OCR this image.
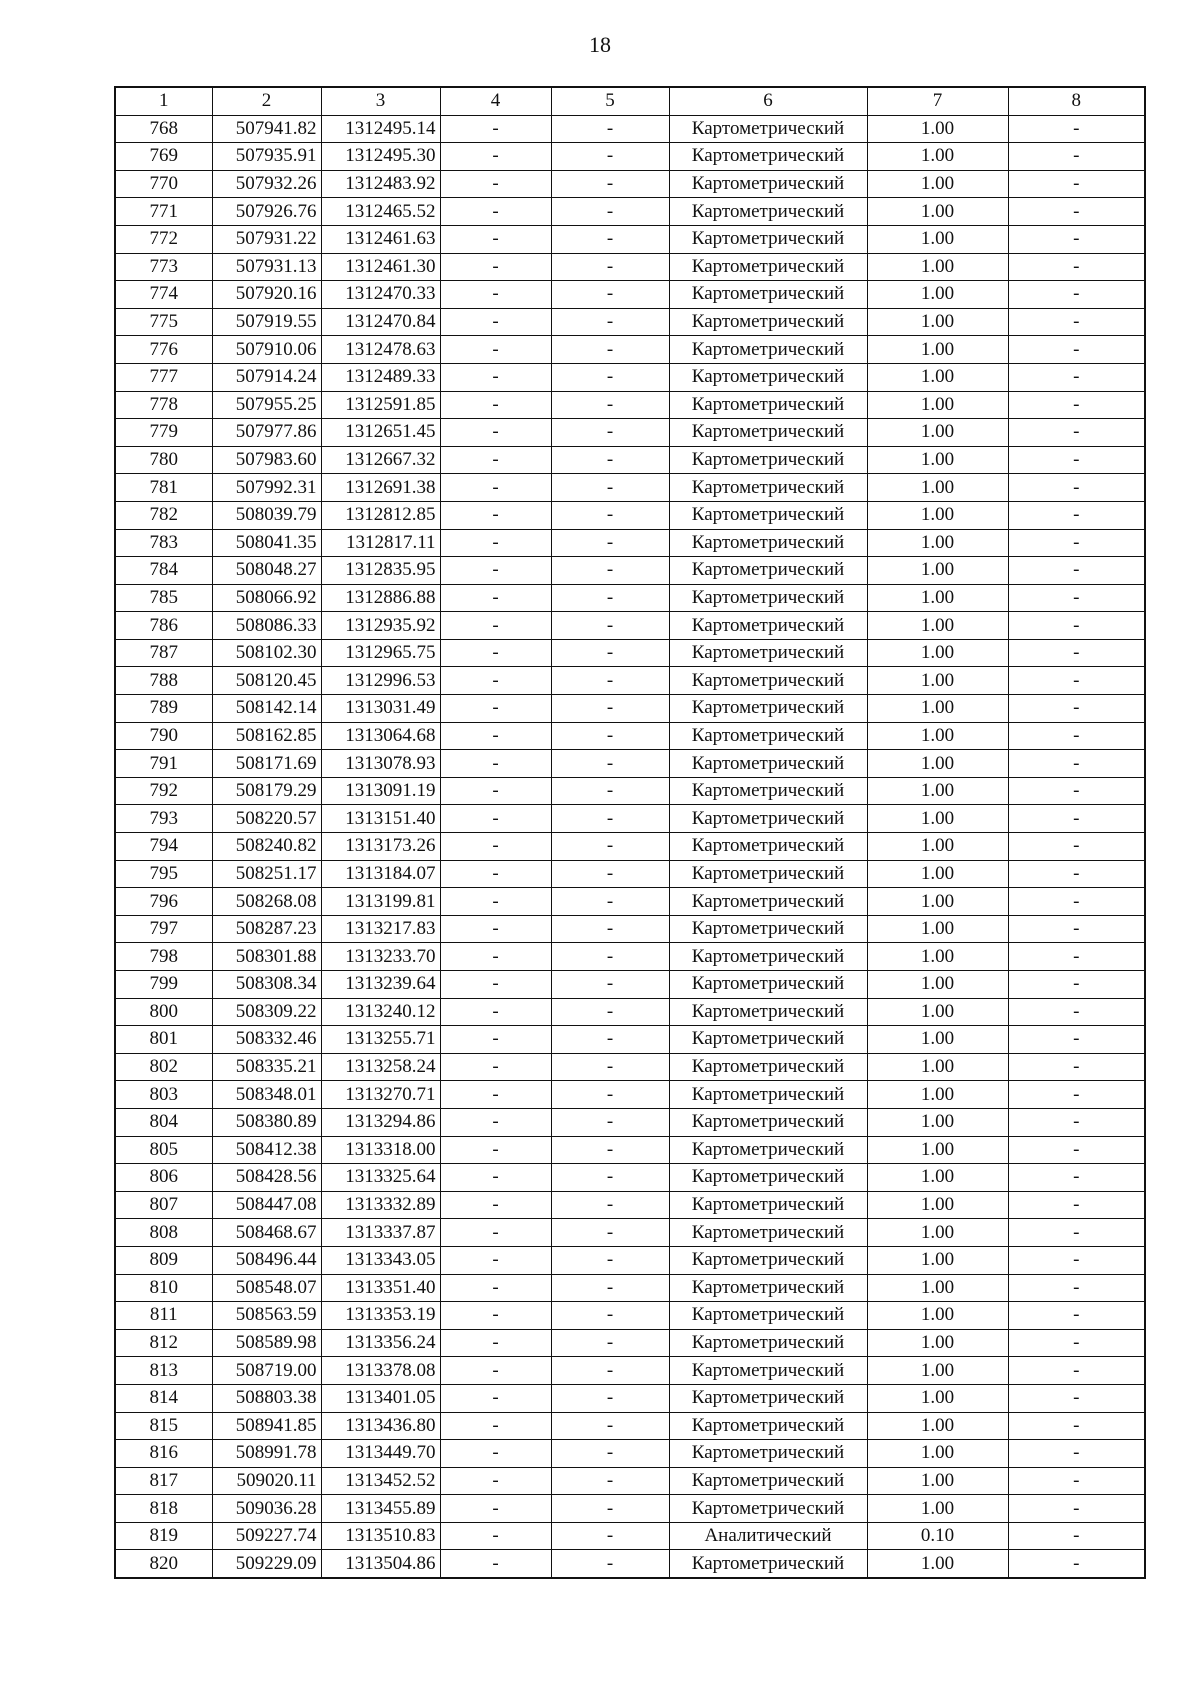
18
1	2	3	4	5	6	7	8
768	507941.82	1312495.14	-	-	Картометрический	1.00	-
769	507935.91	1312495.30	-	-	Картометрический	1.00	-
770	507932.26	1312483.92	-	-	Картометрический	1.00	-
771	507926.76	1312465.52	-	-	Картометрический	1.00	-
772	507931.22	1312461.63	-	-	Картометрический	1.00	-
773	507931.13	1312461.30	-	-	Картометрический	1.00	-
774	507920.16	1312470.33	-	-	Картометрический	1.00	-
775	507919.55	1312470.84	-	-	Картометрический	1.00	-
776	507910.06	1312478.63	-	-	Картометрический	1.00	-
777	507914.24	1312489.33	-	-	Картометрический	1.00	-
778	507955.25	1312591.85	-	-	Картометрический	1.00	-
779	507977.86	1312651.45	-	-	Картометрический	1.00	-
780	507983.60	1312667.32	-	-	Картометрический	1.00	-
781	507992.31	1312691.38	-	-	Картометрический	1.00	-
782	508039.79	1312812.85	-	-	Картометрический	1.00	-
783	508041.35	1312817.11	-	-	Картометрический	1.00	-
784	508048.27	1312835.95	-	-	Картометрический	1.00	-
785	508066.92	1312886.88	-	-	Картометрический	1.00	-
786	508086.33	1312935.92	-	-	Картометрический	1.00	-
787	508102.30	1312965.75	-	-	Картометрический	1.00	-
788	508120.45	1312996.53	-	-	Картометрический	1.00	-
789	508142.14	1313031.49	-	-	Картометрический	1.00	-
790	508162.85	1313064.68	-	-	Картометрический	1.00	-
791	508171.69	1313078.93	-	-	Картометрический	1.00	-
792	508179.29	1313091.19	-	-	Картометрический	1.00	-
793	508220.57	1313151.40	-	-	Картометрический	1.00	-
794	508240.82	1313173.26	-	-	Картометрический	1.00	-
795	508251.17	1313184.07	-	-	Картометрический	1.00	-
796	508268.08	1313199.81	-	-	Картометрический	1.00	-
797	508287.23	1313217.83	-	-	Картометрический	1.00	-
798	508301.88	1313233.70	-	-	Картометрический	1.00	-
799	508308.34	1313239.64	-	-	Картометрический	1.00	-
800	508309.22	1313240.12	-	-	Картометрический	1.00	-
801	508332.46	1313255.71	-	-	Картометрический	1.00	-
802	508335.21	1313258.24	-	-	Картометрический	1.00	-
803	508348.01	1313270.71	-	-	Картометрический	1.00	-
804	508380.89	1313294.86	-	-	Картометрический	1.00	-
805	508412.38	1313318.00	-	-	Картометрический	1.00	-
806	508428.56	1313325.64	-	-	Картометрический	1.00	-
807	508447.08	1313332.89	-	-	Картометрический	1.00	-
808	508468.67	1313337.87	-	-	Картометрический	1.00	-
809	508496.44	1313343.05	-	-	Картометрический	1.00	-
810	508548.07	1313351.40	-	-	Картометрический	1.00	-
811	508563.59	1313353.19	-	-	Картометрический	1.00	-
812	508589.98	1313356.24	-	-	Картометрический	1.00	-
813	508719.00	1313378.08	-	-	Картометрический	1.00	-
814	508803.38	1313401.05	-	-	Картометрический	1.00	-
815	508941.85	1313436.80	-	-	Картометрический	1.00	-
816	508991.78	1313449.70	-	-	Картометрический	1.00	-
817	509020.11	1313452.52	-	-	Картометрический	1.00	-
818	509036.28	1313455.89	-	-	Картометрический	1.00	-
819	509227.74	1313510.83	-	-	Аналитический	0.10	-
820	509229.09	1313504.86	-	-	Картометрический	1.00	-
